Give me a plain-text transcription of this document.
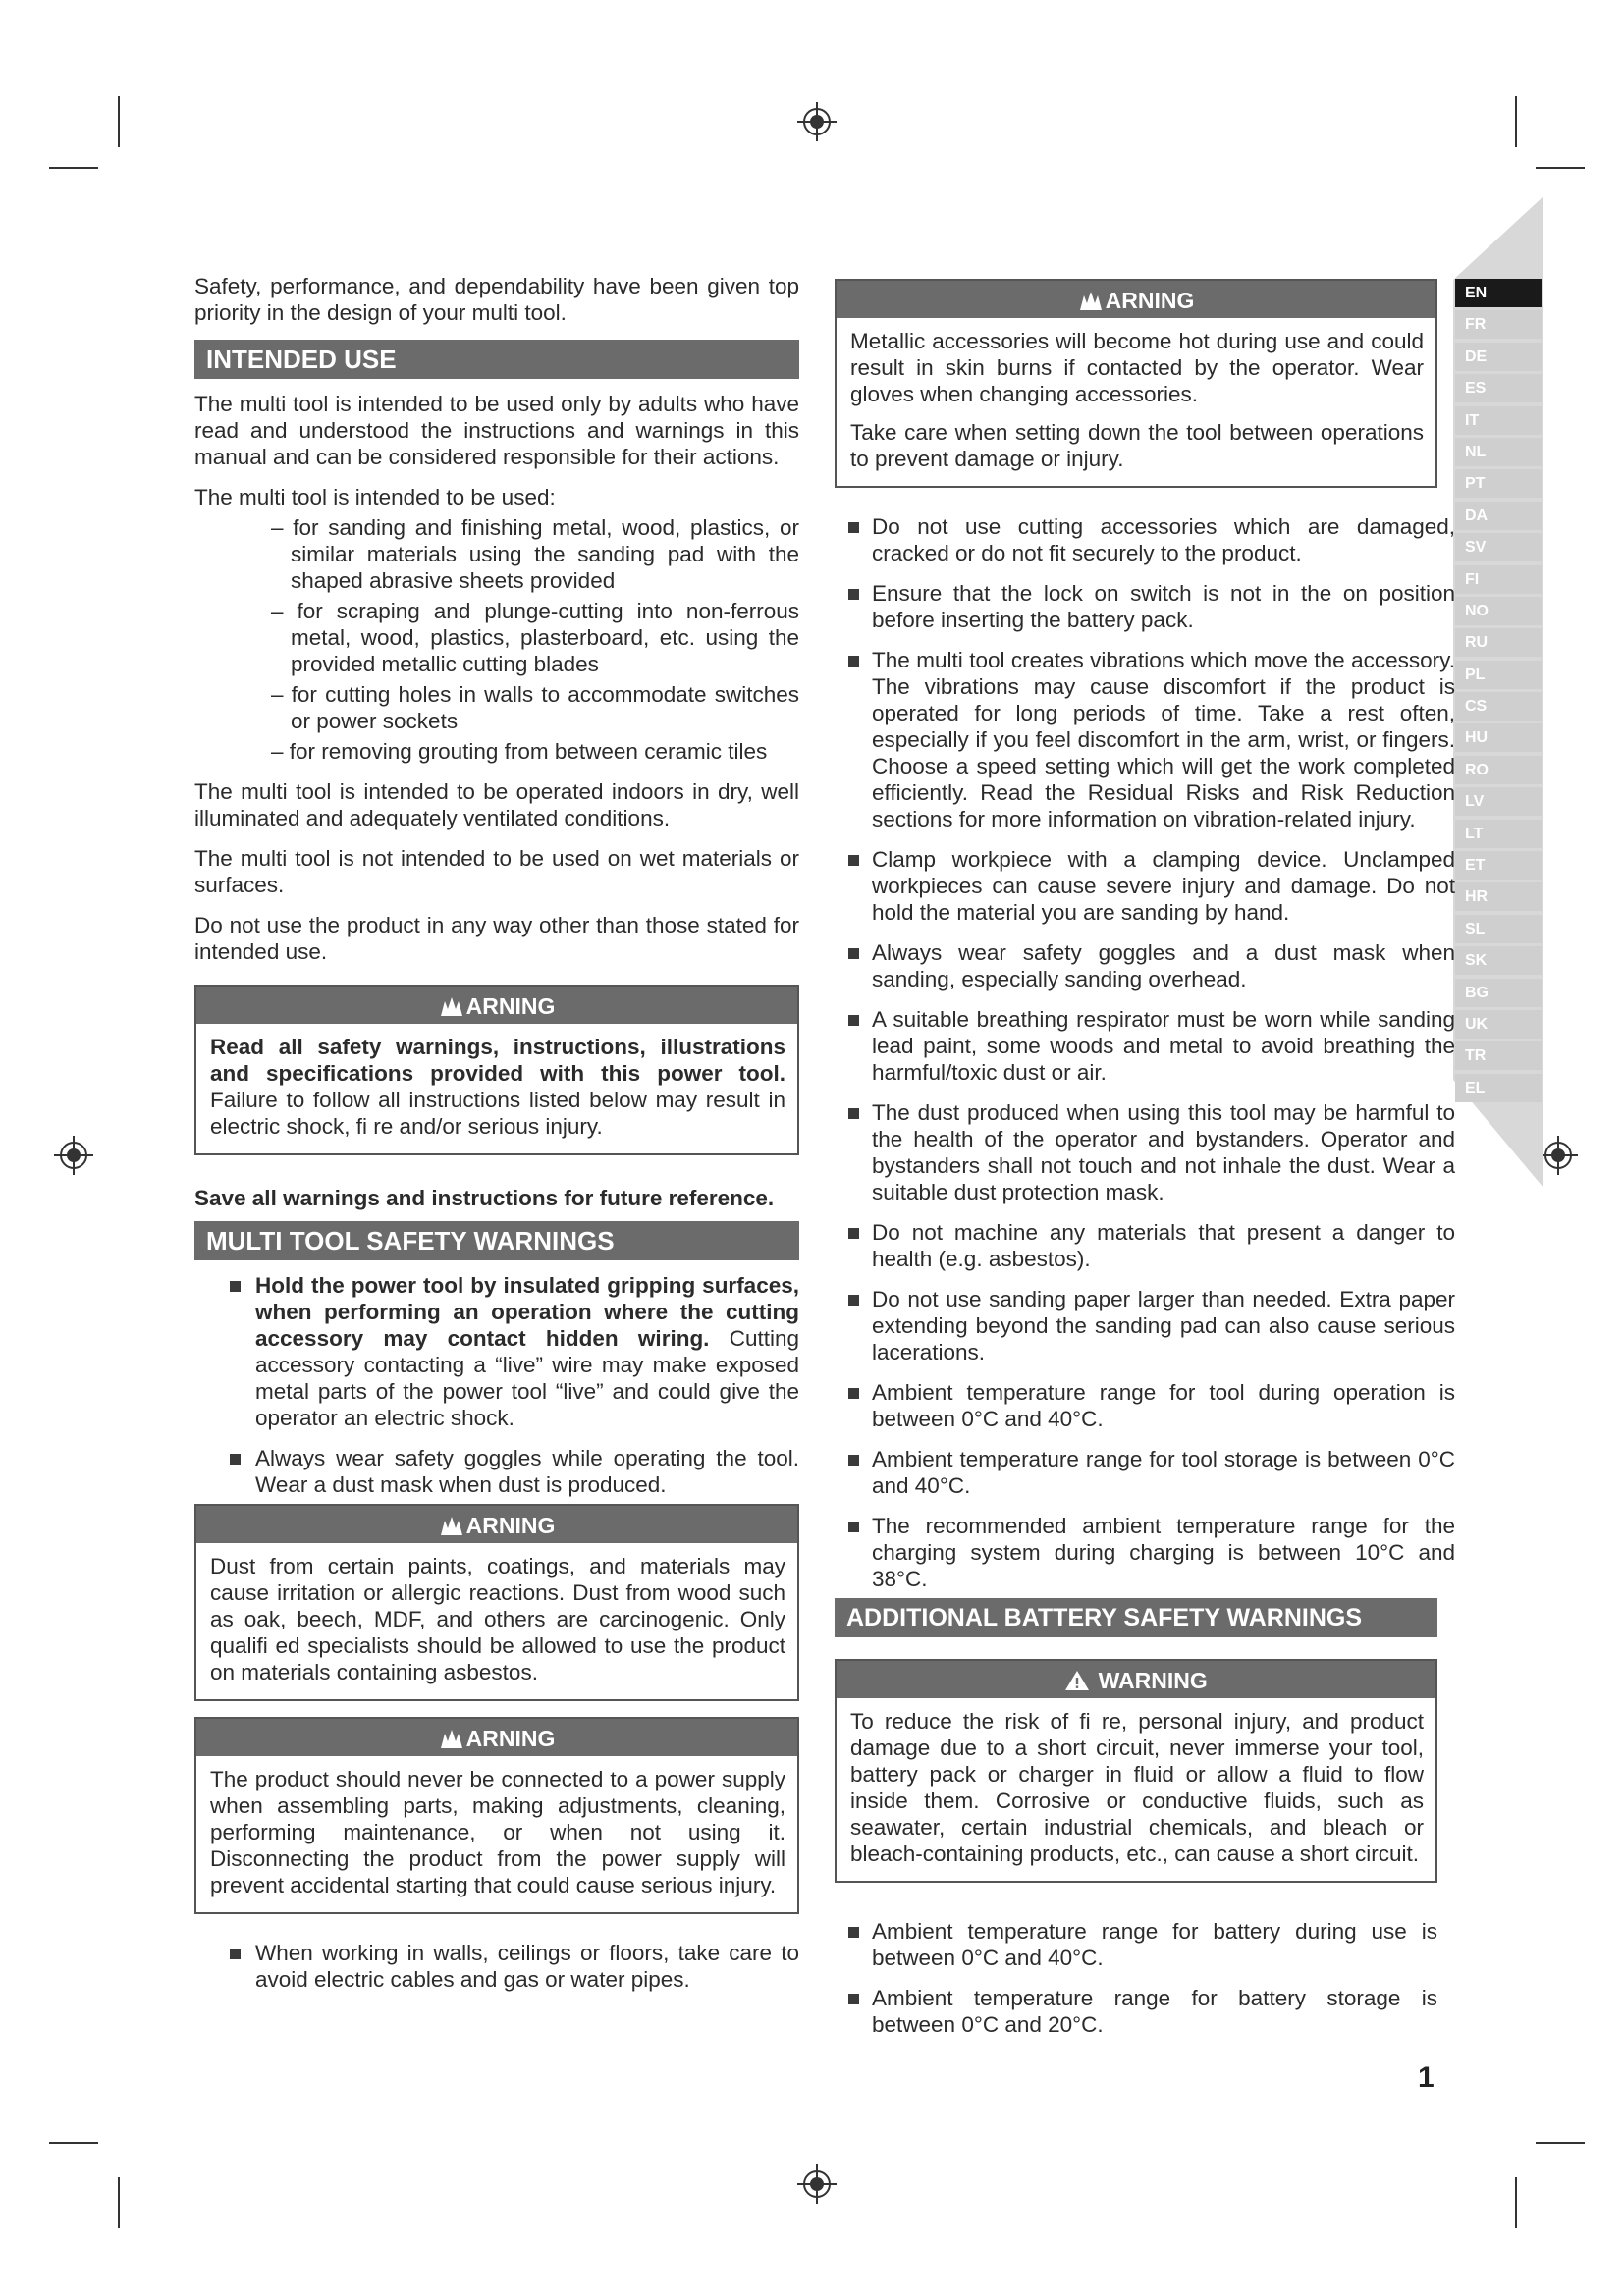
Safety, performance, and dependability have been given top priority in the design of your multi tool.

INTENDED USE

The multi tool is intended to be used only by adults who have read and understood the instructions and warnings in this manual and can be considered responsible for their actions.

The multi tool is intended to be used:

– for sanding and finishing metal, wood, plastics, or similar materials using the sanding pad with the shaped abrasive sheets provided
– for scraping and plunge-cutting into non-ferrous metal, wood, plastics, plasterboard, etc. using the provided metallic cutting blades
– for cutting holes in walls to accommodate switches or power sockets
– for removing grouting from between ceramic tiles

The multi tool is intended to be operated indoors in dry, well illuminated and adequately ventilated conditions.

The multi tool is not intended to be used on wet materials or surfaces.

Do not use the product in any way other than those stated for intended use.

ARNING

Read all safety warnings, instructions, illustrations and specifications provided with this power tool. Failure to follow all instructions listed below may result in electric shock, fi re and/or serious injury.

Save all warnings and instructions for future reference.

MULTI TOOL SAFETY WARNINGS
Hold the power tool by insulated gripping surfaces, when performing an operation where the cutting accessory may contact hidden wiring. Cutting accessory contacting a “live” wire may make exposed metal parts of the power tool “live” and could give the operator an electric shock.
Always wear safety goggles while operating the tool. Wear a dust mask when dust is produced.
ARNING

Dust from certain paints, coatings, and materials may cause irritation or allergic reactions. Dust from wood such as oak, beech, MDF, and others are carcinogenic. Only qualifi ed specialists should be allowed to use the product on materials containing asbestos.

ARNING

The product should never be connected to a power supply when assembling parts, making adjustments, cleaning, performing maintenance, or when not using it. Disconnecting the product from the power supply will prevent accidental starting that could cause serious injury.

When working in walls, ceilings or floors, take care to avoid electric cables and gas or water pipes.
ARNING

Metallic accessories will become hot during use and could result in skin burns if contacted by the operator. Wear gloves when changing accessories.

Take care when setting down the tool between operations to prevent damage or injury.

Do not use cutting accessories which are damaged, cracked or do not fit securely to the product.
Ensure that the lock on switch is not in the on position before inserting the battery pack.
The multi tool creates vibrations which move the accessory. The vibrations may cause discomfort if the product is operated for long periods of time. Take a rest often, especially if you feel discomfort in the arm, wrist, or fingers. Choose a speed setting which will get the work completed efficiently. Read the Residual Risks and Risk Reduction sections for more information on vibration-related injury.
Clamp workpiece with a clamping device. Unclamped workpieces can cause severe injury and damage. Do not hold the material you are sanding by hand.
Always wear safety goggles and a dust mask when sanding, especially sanding overhead.
A suitable breathing respirator must be worn while sanding lead paint, some woods and metal to avoid breathing the harmful/toxic dust or air.
The dust produced when using this tool may be harmful to the health of the operator and bystanders. Operator and bystanders shall not touch and not inhale the dust. Wear a suitable dust protection mask.
Do not machine any materials that present a danger to health (e.g. asbestos).
Do not use sanding paper larger than needed. Extra paper extending beyond the sanding pad can also cause serious lacerations.
Ambient temperature range for tool during operation is between 0°C and 40°C.
Ambient temperature range for tool storage is between 0°C and 40°C.
The recommended ambient temperature range for the charging system during charging is between 10°C and 38°C.
ADDITIONAL BATTERY SAFETY WARNINGS
WARNING

To reduce the risk of fi re, personal injury, and product damage due to a short circuit, never immerse your tool, battery pack or charger in fluid or allow a fluid to flow inside them. Corrosive or conductive fluids, such as seawater, certain industrial chemicals, and bleach or bleach-containing products, etc., can cause a short circuit.

Ambient temperature range for battery during use is between 0°C and 40°C.
Ambient temperature range for battery storage is between 0°C and 20°C.
EN
FR
DE
ES
IT
NL
PT
DA
SV
FI
NO
RU
PL
CS
HU
RO
LV
LT
ET
HR
SL
SK
BG
UK
TR
EL
1
